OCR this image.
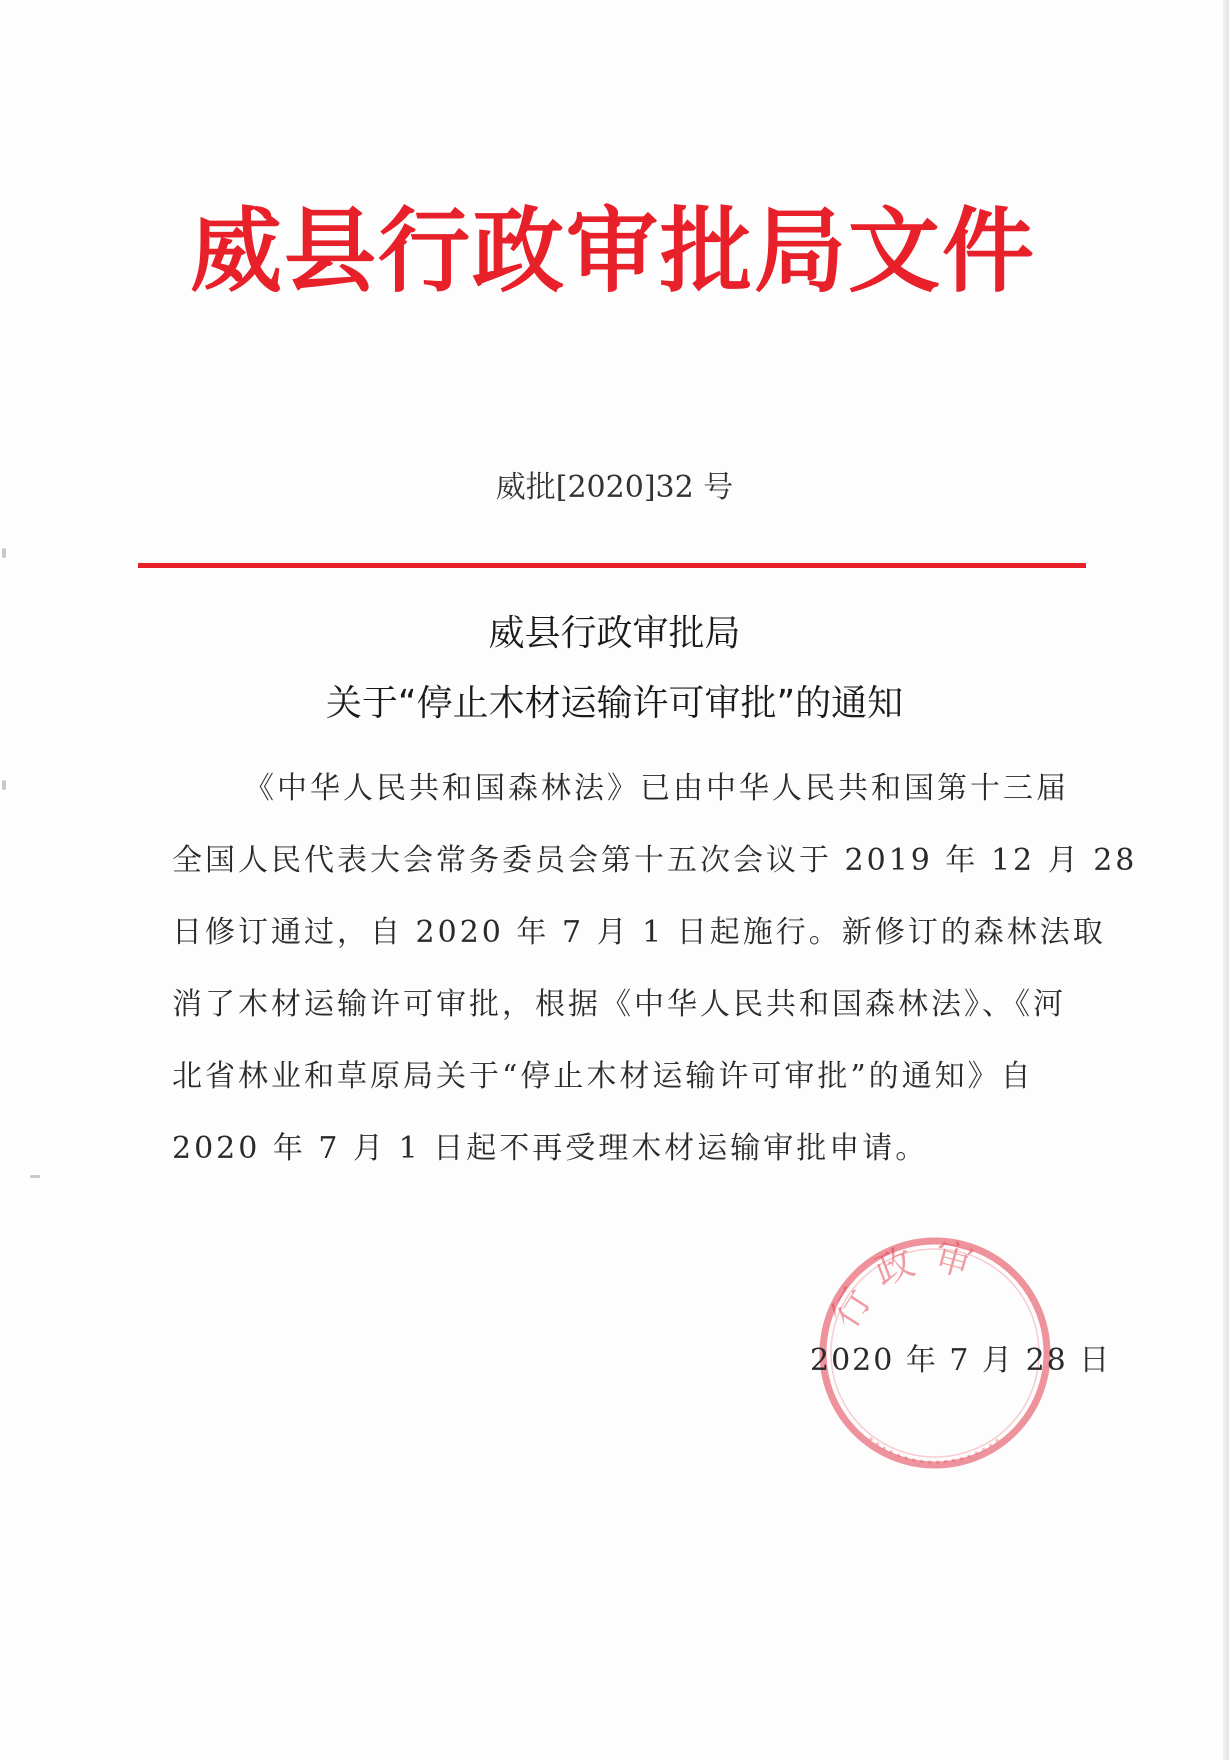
威县行政审批局文件
威批[2020]32 号
威县行政审批局
关于“停止木材运输许可审批”的通知
《中华人民共和国森林法》已由中华人民共和国第十三届
全国人民代表大会常务委员会第十五次会议于 2019 年 12 月 28
日修订通过，自 2020 年 7 月 1 日起施行。新修订的森林法取
消了木材运输许可审批，根据《中华人民共和国森林法》、《河
北省林业和草原局关于“停止木材运输许可审批”的通知》自
2020 年 7 月 1 日起不再受理木材运输审批申请。
行政审
2020 年 7 月 28 日
